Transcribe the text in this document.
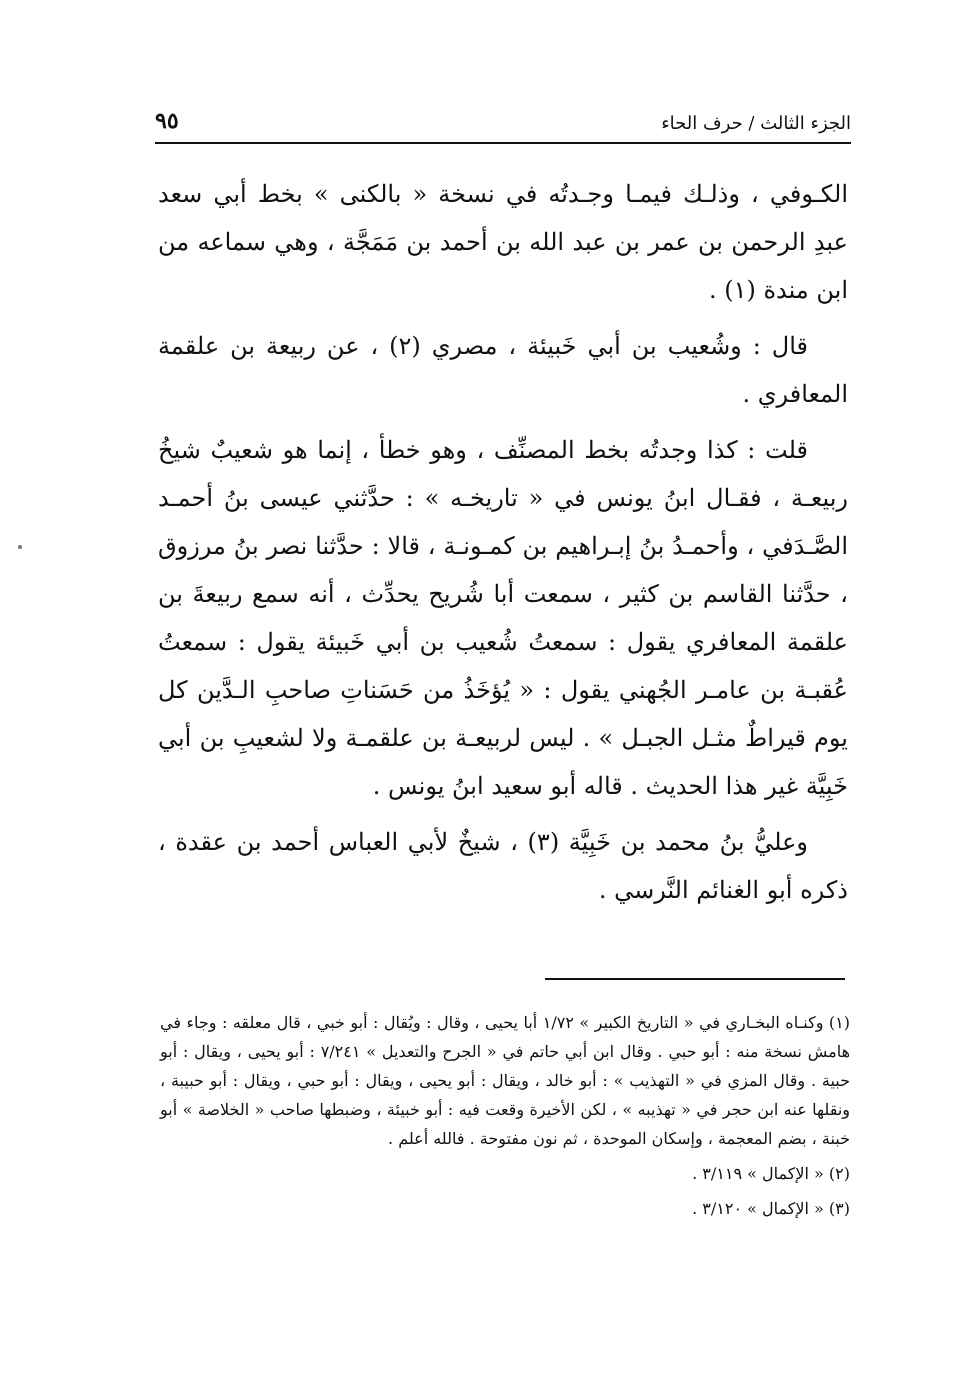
الجزء الثالث / حرف الحاء
٩٥

الكـوفي ، وذلـك فيمـا وجـدتُه في نسخة « بالكنى » بخط أبي سعد عبدِ الرحمن بن عمر بن عبد الله بن أحمد بن مَمَجَّة ، وهي سماعه من ابن مندة (١) .

قال : وشُعيب بن أبي خَبيئة ، مصري (٢) ، عن ربيعة بن علقمة المعافري .

قلت : كذا وجدتُه بخط المصنِّف ، وهو خطأ ، إنما هو شعيبٌ شيخُ ربيعـة ، فقـال ابنُ يونس في « تاريخـه » : حدَّثني عيسى بنُ أحمـد الصَّـدَفي ، وأحمـدُ بنُ إبـراهيم بن كمـونـة ، قالا : حدَّثنا نصر بنُ مرزوق ، حدَّثنا القاسم بن كثير ، سمعت أبا شُريح يحدِّث ، أنه سمع ربيعةَ بن علقمة المعافري يقول : سمعتُ شُعيب بن أبي خَبيئة يقول : سمعتُ عُقبـة بن عامـر الجُهني يقول : « يُؤخَذُ من حَسَناتِ صاحبِ الـدَّين كل يوم قيراطٌ مثـل الجبـل » . ليس لربيعـة بن علقمـة ولا لشعيبِ بن أبي خَبِيَّة غير هذا الحديث . قاله أبو سعيد ابنُ يونس .

وعليُّ بنُ محمد بن خَبِيَّة (٣) ، شيخٌ لأبي العباس أحمد بن عقدة ، ذكره أبو الغنائم النَّرسي .

(١) وكنـاه البخـاري في « التاريخ الكبير » ١/٧٢ أبا يحيى ، وقال : ويُقال : أبو خبي ، قال معلقه : وجاء في هامش نسخة منه : أبو حبي . وقال ابن أبي حاتم في « الجرح والتعديل » ٧/٢٤١ : أبو يحيى ، ويقال : أبو حبية . وقال المزي في « التهذيب » : أبو خالد ، ويقال : أبو يحيى ، ويقال : أبو حبي ، ويقال : أبو حبيبة ، ونقلها عنه ابن حجر في « تهذيبه » ، لكن الأخيرة وقعت فيه : أبو خبيئة ، وضبطها صاحب « الخلاصة » أبو خبنة ، بضم المعجمة ، وإسكان الموحدة ، ثم نون مفتوحة . فالله أعلم .

(٢) « الإكمال » ٣/١١٩ .

(٣) « الإكمال » ٣/١٢٠ .
